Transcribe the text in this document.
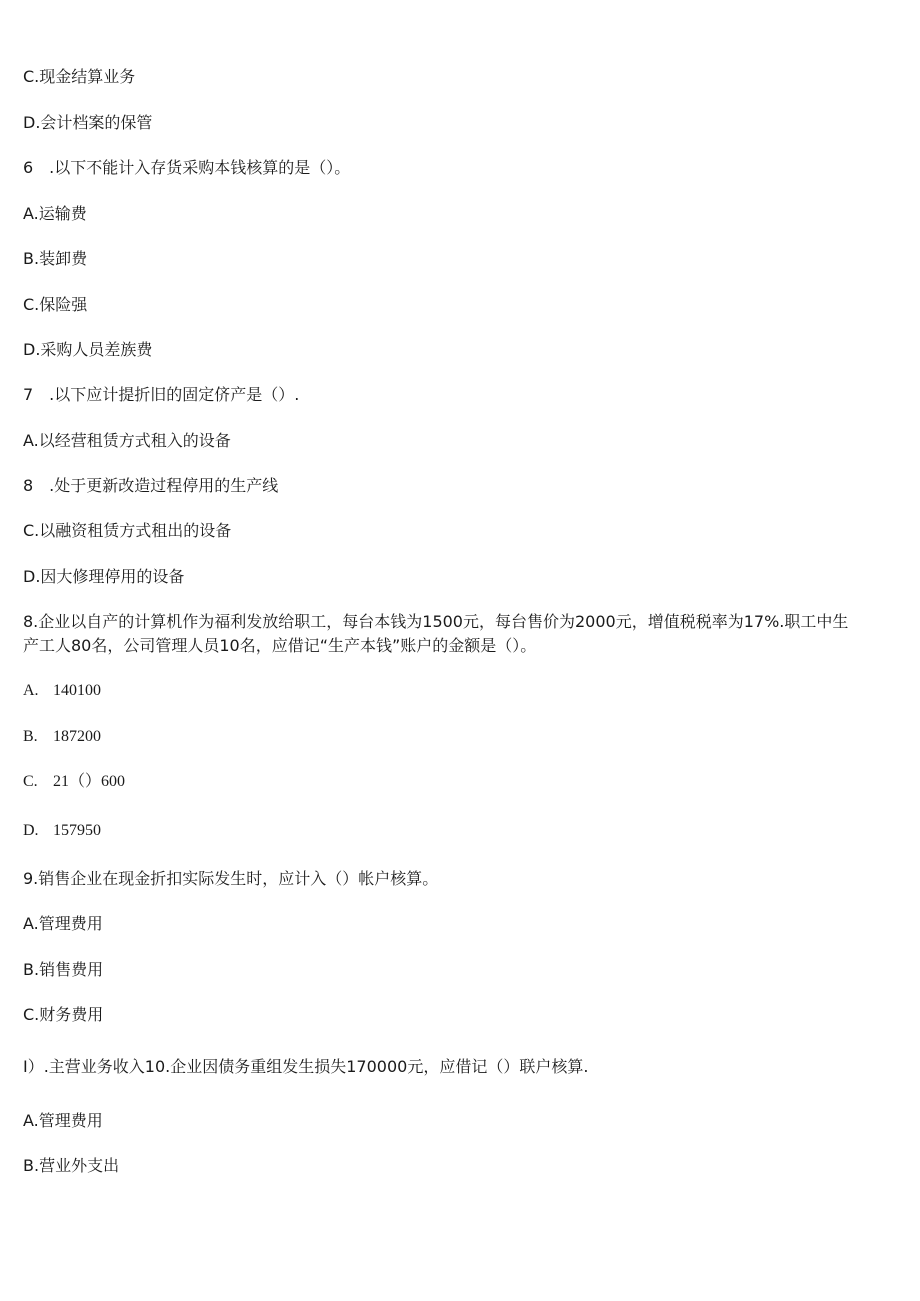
C.现金结算业务
D.会计档案的保管
6　.以下不能计入存货采购本钱核算的是（）。
A.运输费
B.装卸费
C.保险强
D.采购人员差族费
7　.以下应计提折旧的固定侪产是（）.
A.以经营租赁方式租入的设备
8　.处于更新改造过程停用的生产线
C.以融资租赁方式租出的设备
D.因大修理停用的设备
8.企业以自产的计算机作为福利发放给职工，每台本钱为1500元，每台售价为2000元，增值税税率为17%.职工中生产工人80名，公司管理人员10名，应借记“生产本钱”账户的金额是（）。
A. 140100
B. 187200
C. 21（）600
D. 157950
9.销售企业在现金折扣实际发生时，应计入（）帐户核算。
A.管理费用
B.销售费用
C.财务费用
I）.主营业务收入10.企业因债务重组发生损失170000元，应借记（）联户核算.
A.管理费用
B.营业外支出
